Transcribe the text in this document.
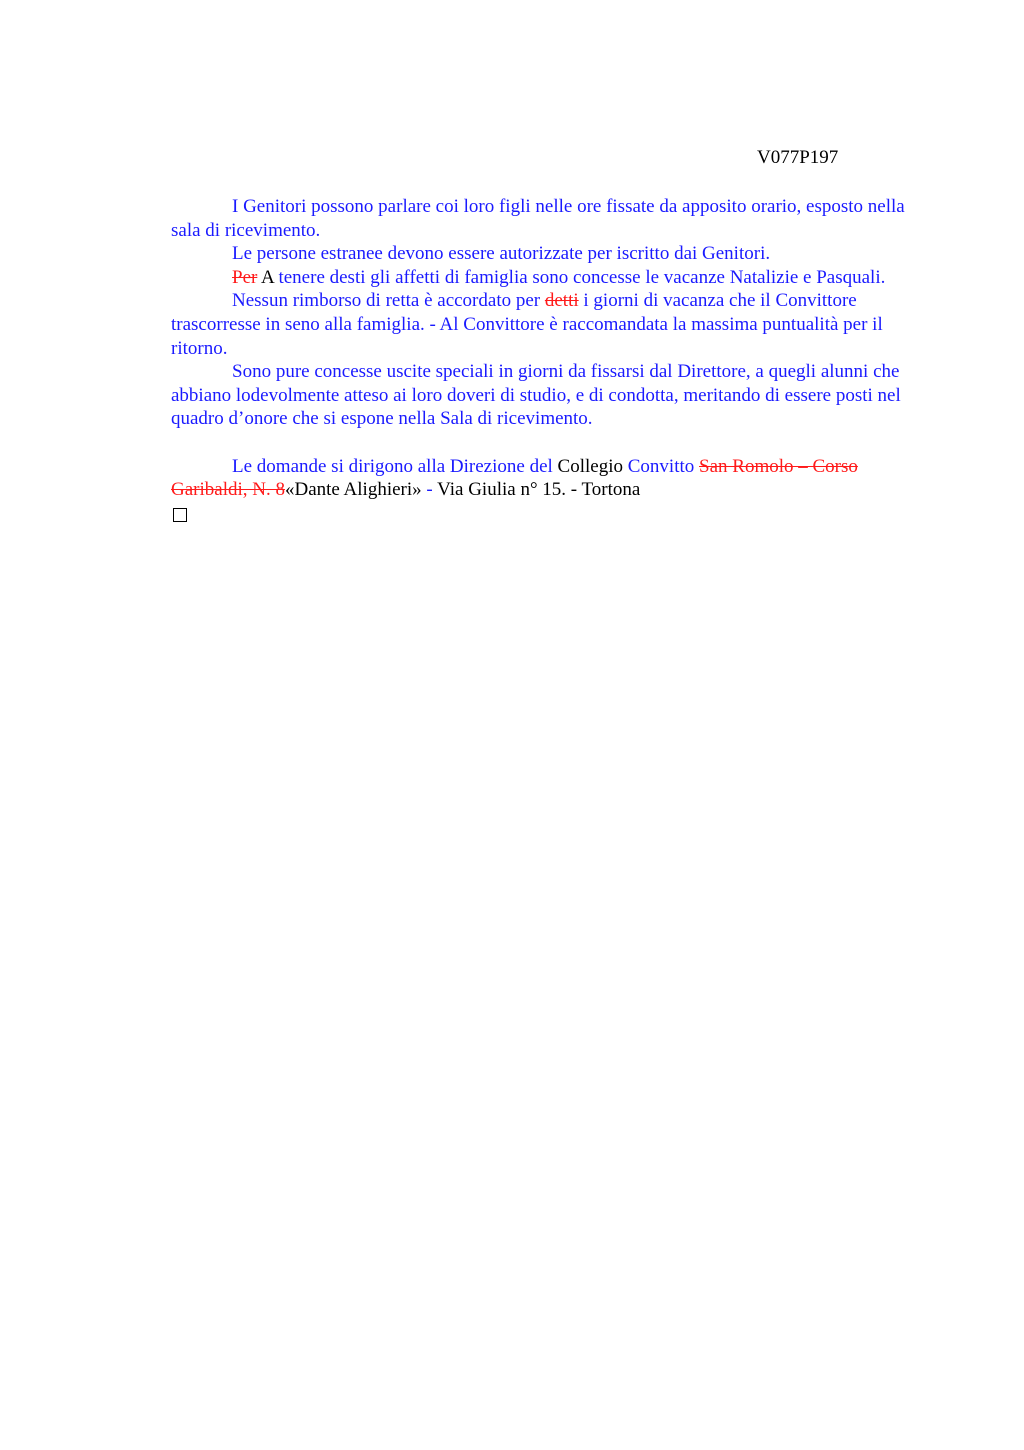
V077P197

I Genitori possono parlare coi loro figli nelle ore fissate da apposito orario, esposto nella sala di ricevimento.

Le persone estranee devono essere autorizzate per iscritto dai Genitori.

Per A tenere desti gli affetti di famiglia sono concesse le vacanze Natalizie e Pasquali.

Nessun rimborso di retta è accordato per detti i giorni di vacanza che il Convittore trascorresse in seno alla famiglia. - Al Convittore è raccomandata la massima puntualità per il ritorno.

Sono pure concesse uscite speciali in giorni da fissarsi dal Direttore, a quegli alunni che abbiano lodevolmente atteso ai loro doveri di studio, e di condotta, meritando di essere posti nel quadro d’onore che si espone nella Sala di ricevimento.

Le domande si dirigono alla Direzione del Collegio Convitto San Romolo – Corso Garibaldi, N. 8«Dante Alighieri» - Via Giulia n° 15. - Tortona
